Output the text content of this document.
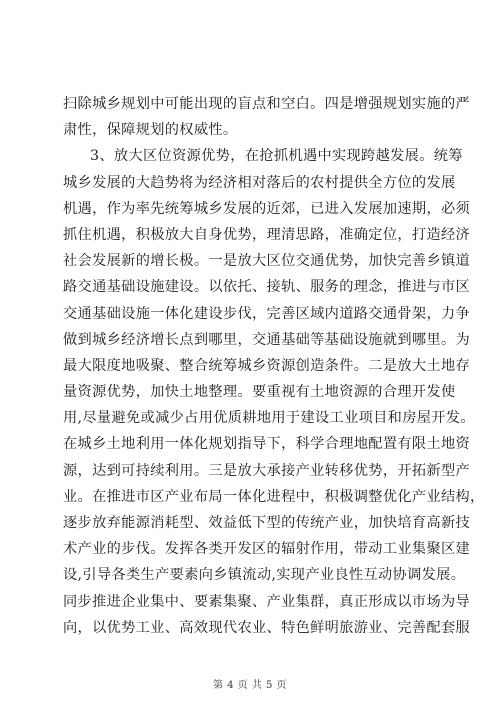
扫除城乡规划中可能出现的盲点和空白。四是增强规划实施的严
肃性，保障规划的权威性。
3、放大区位资源优势，在抢抓机遇中实现跨越发展。统筹
城乡发展的大趋势将为经济相对落后的农村提供全方位的发展
机遇，作为率先统筹城乡发展的近郊，已进入发展加速期，必须
抓住机遇，积极放大自身优势，理清思路，准确定位，打造经济
社会发展新的增长极。一是放大区位交通优势，加快完善乡镇道
路交通基础设施建设。以依托、接轨、服务的理念，推进与市区
交通基础设施一体化建设步伐，完善区域内道路交通骨架，力争
做到城乡经济增长点到哪里，交通基础等基础设施就到哪里。为
最大限度地吸聚、整合统筹城乡资源创造条件。二是放大土地存
量资源优势，加快土地整理。要重视有土地资源的合理开发使
用,尽量避免或减少占用优质耕地用于建设工业项目和房屋开发。
在城乡土地利用一体化规划指导下，科学合理地配置有限土地资
源，达到可持续利用。三是放大承接产业转移优势，开拓新型产
业。在推进市区产业布局一体化进程中，积极调整优化产业结构，
逐步放弃能源消耗型、效益低下型的传统产业，加快培育高新技
术产业的步伐。发挥各类开发区的辐射作用，带动工业集聚区建
设,引导各类生产要素向乡镇流动,实现产业良性互动协调发展。
同步推进企业集中、要素集聚、产业集群，真正形成以市场为导
向，以优势工业、高效现代农业、特色鲜明旅游业、完善配套服
第 4 页 共 5 页
